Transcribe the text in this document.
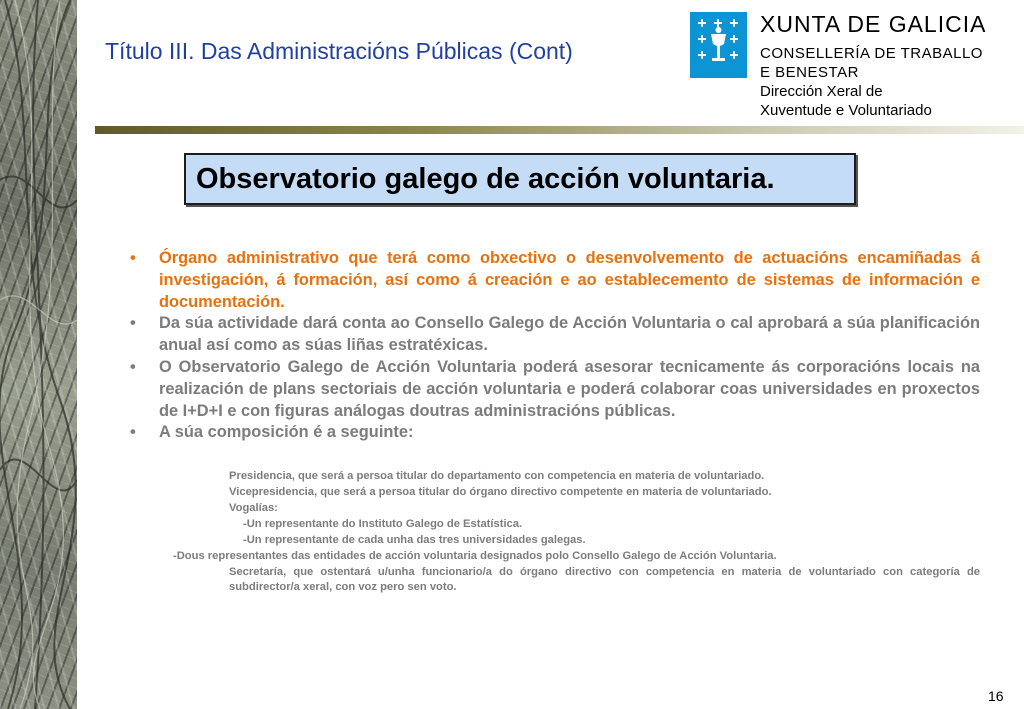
Título III. Das Administracións Públicas (Cont)
XUNTA DE GALICIA
CONSELLERÍA DE TRABALLO
E BENESTAR
Dirección Xeral de
Xuventude e Voluntariado
Observatorio galego de acción voluntaria.
• Órgano administrativo que terá como obxectivo o desenvolvemento de actuacións encamiñadas á investigación, á formación, así como á creación e ao establecemento de sistemas de información e documentación.
• Da súa actividade dará conta ao Consello Galego de Acción Voluntaria o cal aprobará a súa planificación anual así como as súas liñas estratéxicas.
• O Observatorio Galego de Acción Voluntaria poderá asesorar tecnicamente ás corporacións locais na realización de plans sectoriais de acción voluntaria e poderá colaborar coas universidades en proxectos de I+D+I e con figuras análogas doutras administracións públicas.
• A súa composición é a seguinte:
Presidencia, que será a persoa titular do departamento con competencia en materia de voluntariado.
Vicepresidencia, que será a persoa titular do órgano directivo competente en materia de voluntariado.
Vogalías:
-Un representante do Instituto Galego de Estatística.
-Un representante de cada unha das tres universidades galegas.
-Dous representantes das entidades de acción voluntaria designados polo Consello Galego de Acción Voluntaria.
Secretaría, que ostentará u/unha funcionario/a do órgano directivo con competencia en materia de voluntariado con categoría de subdirector/a xeral, con voz pero sen voto.
16
